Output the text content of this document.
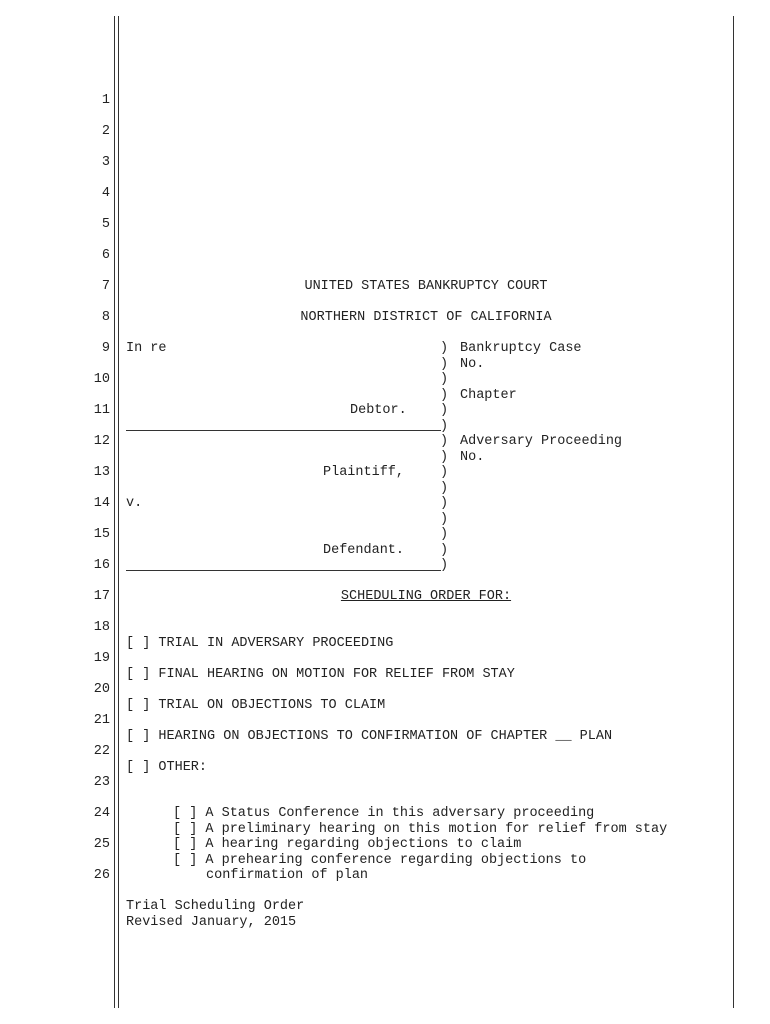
1
2
3
4
5
6
7
8
9
10
11
12
13
14
15
16
17
18
19
20
21
22
23
24
25
26
UNITED STATES BANKRUPTCY COURT
NORTHERN DISTRICT OF CALIFORNIA
In re
Debtor.
Plaintiff,
v.
Defendant.
)
)
)
)
)
)
)
)
)
)
)
)
)
)
)
Bankruptcy Case
No.
Chapter
Adversary Proceeding
No.
SCHEDULING ORDER FOR:
[ ] TRIAL IN ADVERSARY PROCEEDING
[ ] FINAL HEARING ON MOTION FOR RELIEF FROM STAY
[ ] TRIAL ON OBJECTIONS TO CLAIM
[ ] HEARING ON OBJECTIONS TO CONFIRMATION OF CHAPTER __ PLAN
[ ] OTHER:
[ ] A Status Conference in this adversary proceeding
[ ] A preliminary hearing on this motion for relief from stay
[ ] A hearing regarding objections to claim
[ ] A prehearing conference regarding objections to
confirmation of plan
Trial Scheduling Order
Revised January, 2015
